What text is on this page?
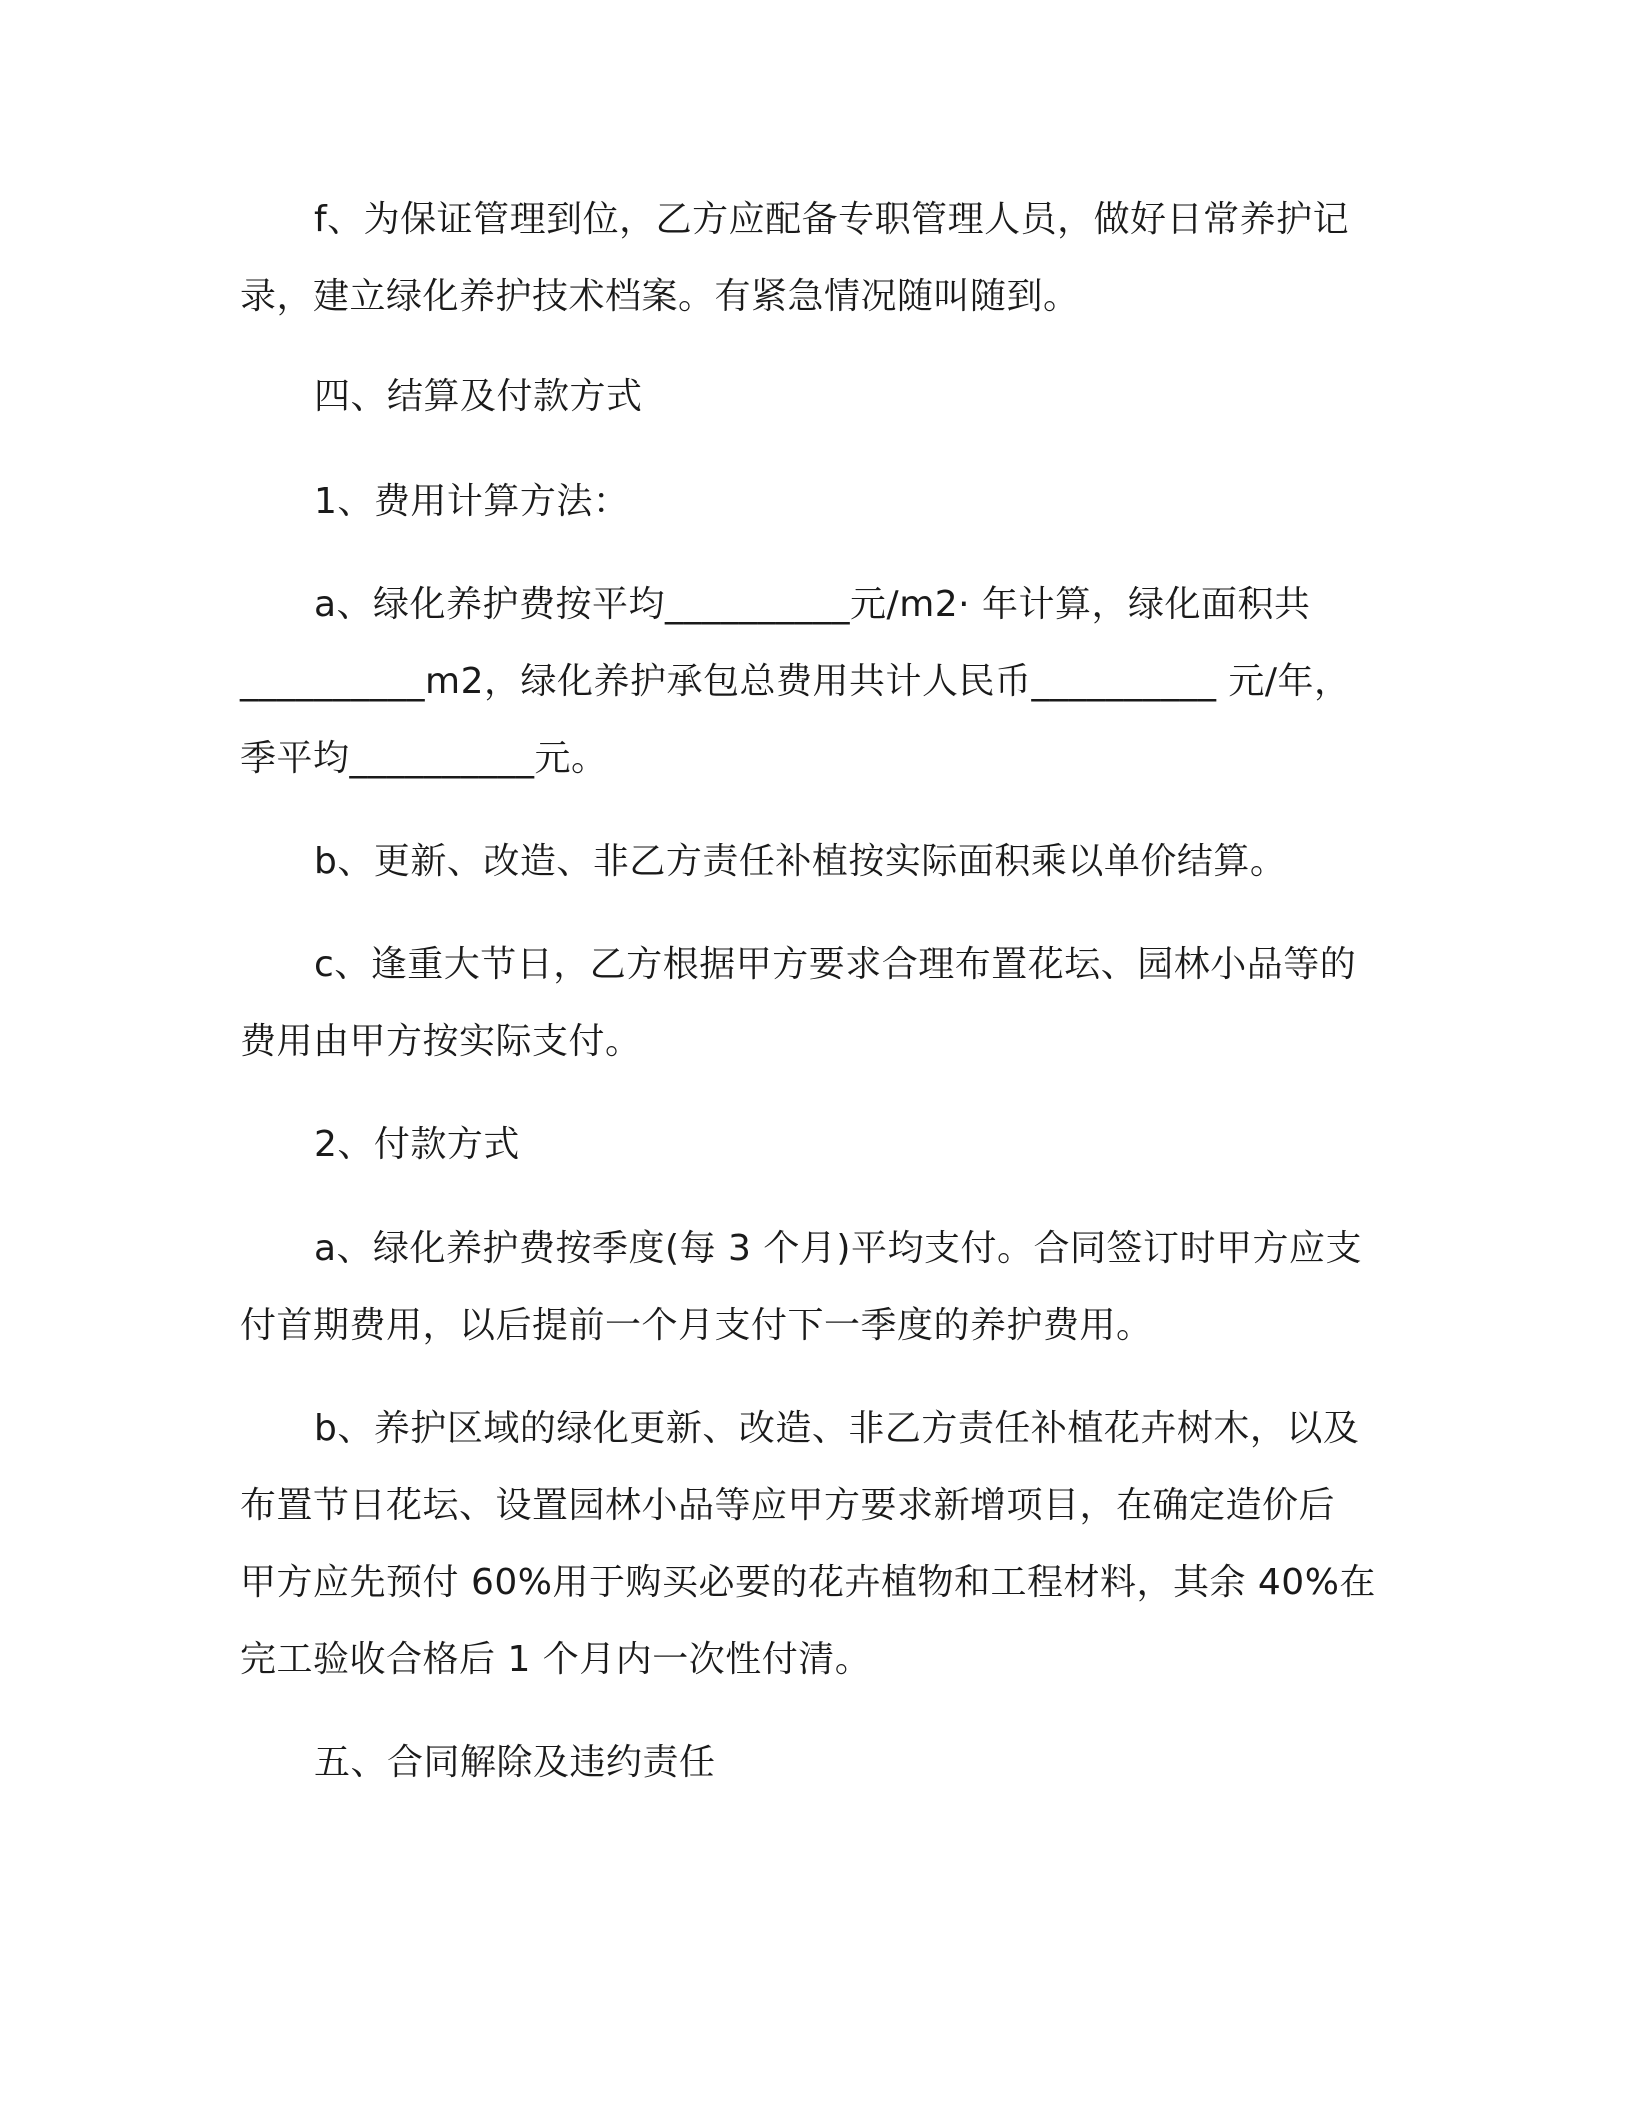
f、为保证管理到位，乙方应配备专职管理人员，做好日常养护记
录，建立绿化养护技术档案。有紧急情况随叫随到。
四、结算及付款方式
1、费用计算方法：
a、绿化养护费按平均__________元/m2· 年计算，绿化面积共
__________m2，绿化养护承包总费用共计人民币__________ 元/年，
季平均__________元。
b、更新、改造、非乙方责任补植按实际面积乘以单价结算。
c、逢重大节日，乙方根据甲方要求合理布置花坛、园林小品等的
费用由甲方按实际支付。
2、付款方式
a、绿化养护费按季度(每 3 个月)平均支付。合同签订时甲方应支
付首期费用，以后提前一个月支付下一季度的养护费用。
b、养护区域的绿化更新、改造、非乙方责任补植花卉树木，以及
布置节日花坛、设置园林小品等应甲方要求新增项目，在确定造价后
甲方应先预付 60%用于购买必要的花卉植物和工程材料，其余 40%在
完工验收合格后 1 个月内一次性付清。
五、合同解除及违约责任
